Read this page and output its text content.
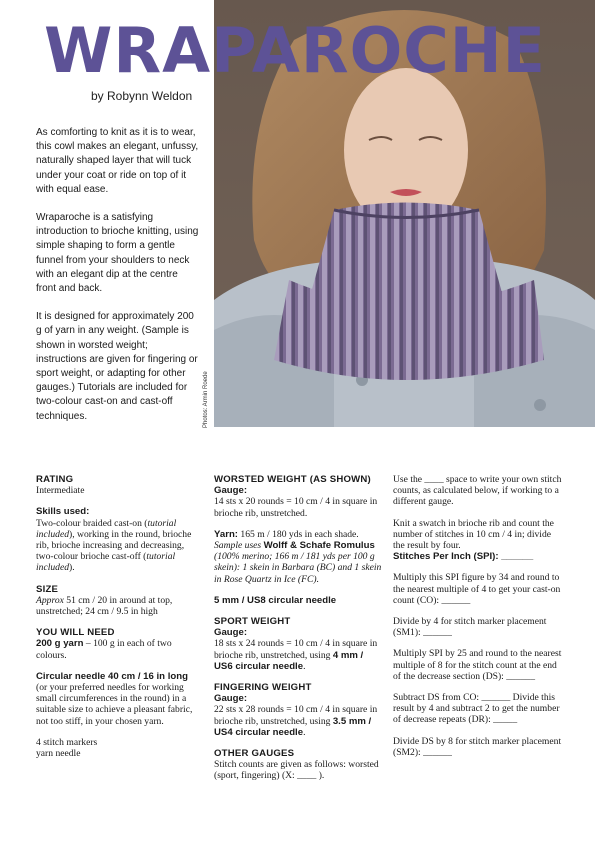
WRAPAROCHE
by Robynn Weldon
Photos: Armin Roede

As comforting to knit as it is to wear, this cowl makes an elegant, unfussy, naturally shaped layer that will tuck under your coat or ride on top of it with equal ease.

Wraparoche is a satisfying introduction to brioche knitting, using simple shaping to form a gentle funnel from your shoulders to neck with an elegant dip at the centre front and back.

It is designed for approximately 200 g of yarn in any weight. (Sample is shown in worsted weight; instructions are given for fingering or sport weight, or adapting for other gauges.) Tutorials are included for two-colour cast-on and cast-off techniques.

RATING
Intermediate

Skills used:
Two-colour braided cast-on (tutorial included), working in the round, brioche rib, brioche increasing and decreasing, two-colour brioche cast-off (tutorial included).

SIZE
Approx 51 cm / 20 in around at top, unstretched; 24 cm / 9.5 in high

YOU WILL NEED
200 g yarn – 100 g in each of two colours.

Circular needle 40 cm / 16 in long (or your preferred needles for working small circumferences in the round) in a suitable size to achieve a pleasant fabric, not too stiff, in your chosen yarn.

4 stitch markers
yarn needle

WORSTED WEIGHT (AS SHOWN)
Gauge:
14 sts x 20 rounds = 10 cm / 4 in square in brioche rib, unstretched.

Yarn: 165 m / 180 yds in each shade.
Sample uses Wolff & Schafe Romulus (100% merino; 166 m / 181 yds per 100 g skein): 1 skein in Barbara (BC) and 1 skein in Rose Quartz in Ice (FC).

5 mm / US8 circular needle

SPORT WEIGHT
Gauge:
18 sts x 24 rounds = 10 cm / 4 in square in brioche rib, unstretched, using 4 mm / US6 circular needle.

FINGERING WEIGHT
Gauge:
22 sts x 28 rounds = 10 cm / 4 in square in brioche rib, unstretched, using 3.5 mm / US4 circular needle.

OTHER GAUGES
Stitch counts are given as follows: worsted (sport, fingering) (X: ____ ).

Use the ____ space to write your own stitch counts, as calculated below, if working to a different gauge.

Knit a swatch in brioche rib and count the number of stitches in 10 cm / 4 in; divide the result by four.

Stitches Per Inch (SPI): ______

Multiply this SPI figure by 34 and round to the nearest multiple of 4 to get your cast-on count (CO): ______

Divide by 4 for stitch marker placement (SM1): ______

Multiply SPI by 25 and round to the nearest multiple of 8 for the stitch count at the end of the decrease section (DS): ______

Subtract DS from CO: ______ Divide this result by 4 and subtract 2 to get the number of decrease repeats (DR): _____

Divide DS by 8 for stitch marker placement (SM2): ______
